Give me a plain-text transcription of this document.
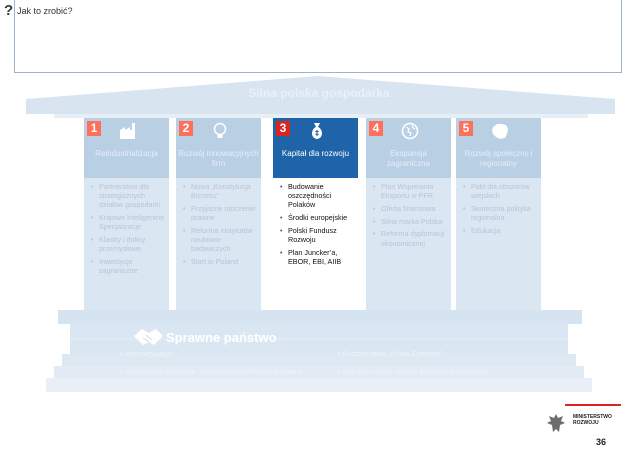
? Jak to zrobić?
Silna polska gospodarka
Sprawne państwo
• Informatyzacja
• Zamówienia publiczne i partnerstwo publiczno-prywatne
• Rozszerzenie „Polski Cyfrowej”
• Stabilny i trwały system finansów publicznych
1
Reindustrializacja
• Partnerstwa dla strategicznych działów gospodarki
• Krajowe Inteligentne Specjalizacje
• Klastry i doliny przemysłowe
• Inwestycje zagraniczne
2
Rozwój innowacyjnych firm
• Nowa „Konstytucja Biznesu”
• Przyjazne otoczenie prawne
• Reforma instytutów naukowo-badawczych
• Start in Poland
3
Kapitał dla rozwoju
• Budowanie oszczędności Polaków
• Środki europejskie
• Polski Fundusz Rozwoju
• Plan Juncker’a, EBOR, EBI, AIIB
4
Ekspansja zagraniczna
• Plan Wspierania Eksportu w PFR
• Oferta finansowa
• Silna marka Polska
• Reforma dyplomacji ekonomicznej
5
Rozwój społeczny i regionalny
• Pakt dla obszarów wiejskich
• Skuteczna polityka regionalna
• Edukacja
MINISTERSTWO ROZWOJU
36
